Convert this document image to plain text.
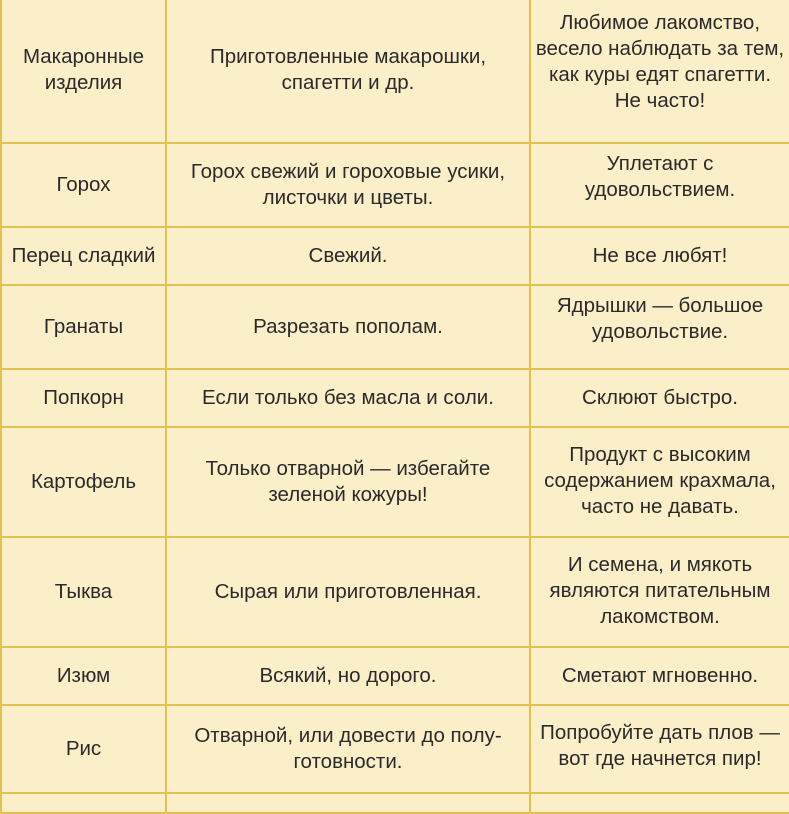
Макаронные изделия	Приготовленные макарошки, спагетти и др.	Любимое лакомство, весело наблюдать за тем, как куры едят спагетти. Не часто!

Горох	Горох свежий и гороховые усики, листочки и цветы.	Уплетают с удовольствием.

Перец сладкий	Свежий.	Не все любят!

Гранаты	Разрезать пополам.	Ядрышки — большое удовольствие.

Попкорн	Если только без масла и соли.	Склюют быстро.

Картофель	Только отварной — избегайте зеленой кожуры!	Продукт с высоким содержанием крахмала, часто не давать.

Тыква	Сырая или приготовленная.	И семена, и мякоть являются питательным лакомством.

Изюм	Всякий, но дорого.	Сметают мгновенно.

Рис	Отварной, или довести до полу-готовности.	Попробуйте дать плов — вот где начнется пир!
